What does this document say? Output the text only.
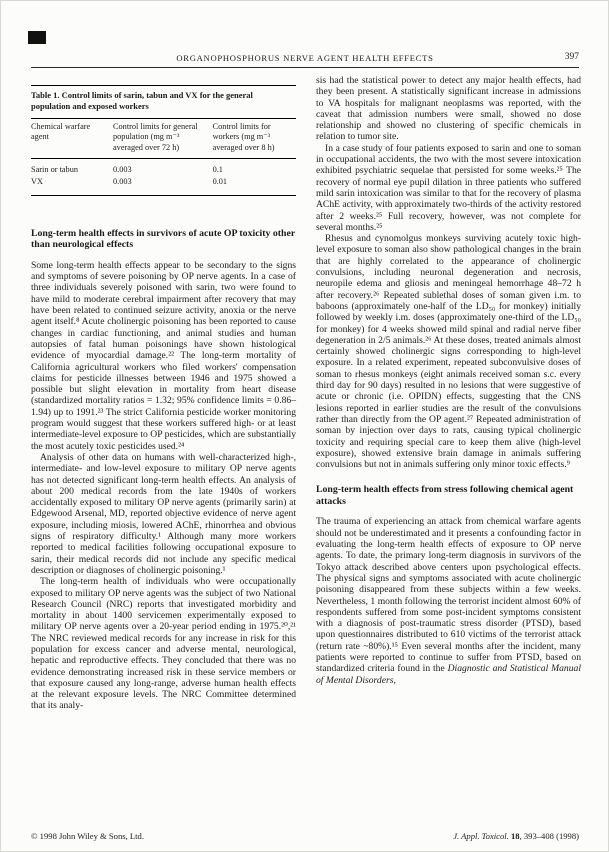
ORGANOPHOSPHORUS NERVE AGENT HEALTH EFFECTS	397
Table 1. Control limits of sarin, tabun and VX for the general population and exposed workers
Chemical warfare agent	Control limits for general population (mg m⁻³ averaged over 72 h)	Control limits for workers (mg m⁻³ averaged over 8 h)
Sarin or tabun	0.003	0.1
VX	0.003	0.01
Long-term health effects in survivors of acute OP toxicity other than neurological effects

Some long-term health effects appear to be secondary to the signs and symptoms of severe poisoning by OP nerve agents. In a case of three individuals severely poisoned with sarin, two were found to have mild to moderate cerebral impairment after recovery that may have been related to continued seizure activity, anoxia or the nerve agent itself.⁸ Acute cholinergic poisoning has been reported to cause changes in cardiac functioning, and animal studies and human autopsies of fatal human poisonings have shown histological evidence of myocardial damage.²² The long-term mortality of California agricultural workers who filed workers' compensation claims for pesticide illnesses between 1946 and 1975 showed a possible but slight elevation in mortality from heart disease (standardized mortality ratios = 1.32; 95% confidence limits = 0.86–1.94) up to 1991.²³ The strict California pesticide worker monitoring program would suggest that these workers suffered high- or at least intermediate-level exposure to OP pesticides, which are substantially the most acutely toxic pesticides used.²⁴

Analysis of other data on humans with well-characterized high-, intermediate- and low-level exposure to military OP nerve agents has not detected significant long-term health effects. An analysis of about 200 medical records from the late 1940s of workers accidentally exposed to military OP nerve agents (primarily sarin) at Edgewood Arsenal, MD, reported objective evidence of nerve agent exposure, including miosis, lowered AChE, rhinorrhea and obvious signs of respiratory difficulty.¹ Although many more workers reported to medical facilities following occupational exposure to sarin, their medical records did not include any specific medical description or diagnoses of cholinergic poisoning.¹

The long-term health of individuals who were occupationally exposed to military OP nerve agents was the subject of two National Research Council (NRC) reports that investigated morbidity and mortality in about 1400 servicemen experimentally exposed to military OP nerve agents over a 20-year period ending in 1975.²⁰,²¹ The NRC reviewed medical records for any increase in risk for this population for excess cancer and adverse mental, neurological, hepatic and reproductive effects. They concluded that there was no evidence demonstrating increased risk in these service members or that exposure caused any long-range, adverse human health effects at the relevant exposure levels. The NRC Committee determined that its analy-

sis had the statistical power to detect any major health effects, had they been present. A statistically significant increase in admissions to VA hospitals for malignant neoplasms was reported, with the caveat that admission numbers were small, showed no dose relationship and showed no clustering of specific chemicals in relation to tumor site.

In a case study of four patients exposed to sarin and one to soman in occupational accidents, the two with the most severe intoxication exhibited psychiatric sequelae that persisted for some weeks.²⁵ The recovery of normal eye pupil dilation in three patients who suffered mild sarin intoxication was similar to that for the recovery of plasma AChE activity, with approximately two-thirds of the activity restored after 2 weeks.²⁵ Full recovery, however, was not complete for several months.²⁵

Rhesus and cynomolgus monkeys surviving acutely toxic high-level exposure to soman also show pathological changes in the brain that are highly correlated to the appearance of cholinergic convulsions, including neuronal degeneration and necrosis, neuropile edema and gliosis and meningeal hemorrhage 48–72 h after recovery.²⁶ Repeated sublethal doses of soman given i.m. to baboons (approximately one-half of the LD₅₀ for monkey) initially followed by weekly i.m. doses (approximately one-third of the LD₅₀ for monkey) for 4 weeks showed mild spinal and radial nerve fiber degeneration in 2/5 animals.²⁶ At these doses, treated animals almost certainly showed cholinergic signs corresponding to high-level exposure. In a related experiment, repeated subconvulsive doses of soman to rhesus monkeys (eight animals received soman s.c. every third day for 90 days) resulted in no lesions that were suggestive of acute or chronic (i.e. OPIDN) effects, suggesting that the CNS lesions reported in earlier studies are the result of the convulsions rather than directly from the OP agent.²⁷ Repeated administration of soman by injection over days to rats, causing typical cholinergic toxicity and requiring special care to keep them alive (high-level exposure), showed extensive brain damage in animals suffering convulsions but not in animals suffering only minor toxic effects.⁹

Long-term health effects from stress following chemical agent attacks

The trauma of experiencing an attack from chemical warfare agents should not be underestimated and it presents a confounding factor in evaluating the long-term health effects of exposure to OP nerve agents. To date, the primary long-term diagnosis in survivors of the Tokyo attack described above centers upon psychological effects. The physical signs and symptoms associated with acute cholinergic poisoning disappeared from these subjects within a few weeks. Nevertheless, 1 month following the terrorist incident almost 60% of respondents suffered from some post-incident symptoms consistent with a diagnosis of post-traumatic stress disorder (PTSD), based upon questionnaires distributed to 610 victims of the terrorist attack (return rate ~80%).¹⁵ Even several months after the incident, many patients were reported to continue to suffer from PTSD, based on standardized criteria found in the Diagnostic and Statistical Manual of Mental Disorders,

© 1998 John Wiley & Sons, Ltd.	J. Appl. Toxicol. 18, 393–408 (1998)
